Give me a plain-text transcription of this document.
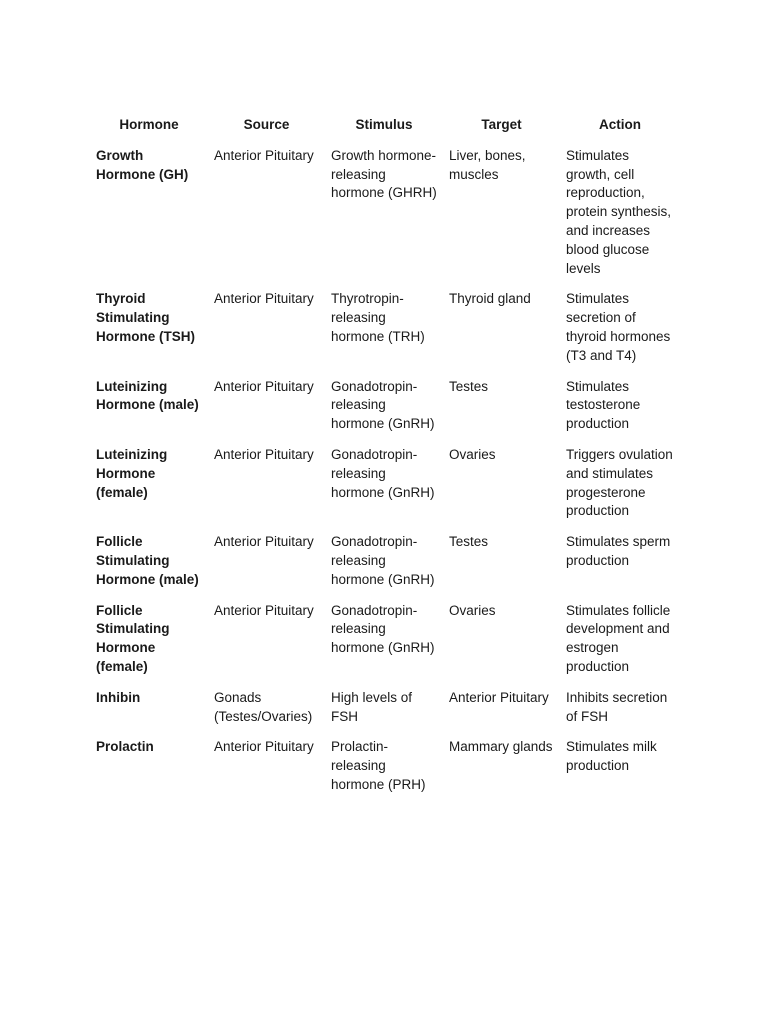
Hormone	Source	Stimulus	Target	Action
Growth Hormone (GH)	Anterior Pituitary	Growth hormone-releasing hormone (GHRH)	Liver, bones, muscles	Stimulates growth, cell reproduction, protein synthesis, and increases blood glucose levels
Thyroid Stimulating Hormone (TSH)	Anterior Pituitary	Thyrotropin-releasing hormone (TRH)	Thyroid gland	Stimulates secretion of thyroid hormones (T3 and T4)
Luteinizing Hormone (male)	Anterior Pituitary	Gonadotropin-releasing hormone (GnRH)	Testes	Stimulates testosterone production
Luteinizing Hormone (female)	Anterior Pituitary	Gonadotropin-releasing hormone (GnRH)	Ovaries	Triggers ovulation and stimulates progesterone production
Follicle Stimulating Hormone (male)	Anterior Pituitary	Gonadotropin-releasing hormone (GnRH)	Testes	Stimulates sperm production
Follicle Stimulating Hormone (female)	Anterior Pituitary	Gonadotropin-releasing hormone (GnRH)	Ovaries	Stimulates follicle development and estrogen production
Inhibin	Gonads (Testes/Ovaries)	High levels of FSH	Anterior Pituitary	Inhibits secretion of FSH
Prolactin	Anterior Pituitary	Prolactin-releasing hormone (PRH)	Mammary glands	Stimulates milk production
